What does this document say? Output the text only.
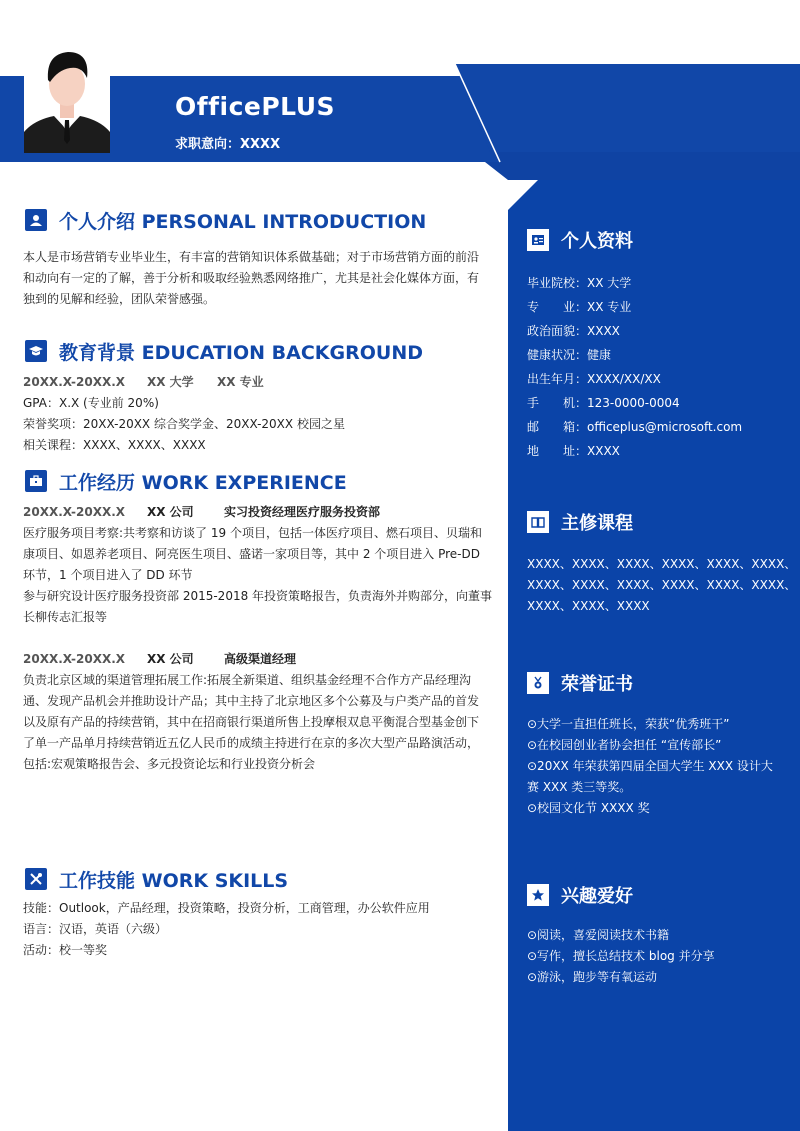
OfficePLUS
求职意向：XXXX
个人介绍 PERSONAL INTRODUCTION
本人是市场营销专业毕业生，有丰富的营销知识体系做基础；对于市场营销方面的前沿
和动向有一定的了解，善于分析和吸取经验熟悉网络推广，尤其是社会化媒体方面，有
独到的见解和经验，团队荣誉感强。
教育背景 EDUCATION BACKGROUND
20XX.X-20XX.X XX 大学 XX 专业
GPA：X.X (专业前 20%)
荣誉奖项：20XX-20XX 综合奖学金、20XX-20XX 校园之星
相关课程：XXXX、XXXX、XXXX
工作经历 WORK EXPERIENCE
20XX.X-20XX.X XX 公司	实习投资经理医疗服务投资部
医疗服务项目考察:共考察和访谈了 19 个项目，包括一体医疗项目、燃石项目、贝瑞和
康项目、如恩养老项目、阿亮医生项目、盛诺一家项目等，其中 2 个项目进入 Pre-DD
环节，1 个项目进入了 DD 环节
参与研究设计医疗服务投资部 2015-2018 年投资策略报告，负责海外并购部分，向董事
长柳传志汇报等
20XX.X-20XX.X XX 公司	高级渠道经理
负责北京区域的渠道管理拓展工作:拓展全新渠道、组织基金经理不合作方产品经理沟
通、发现产品机会并推助设计产品；其中主持了北京地区多个公募及与户类产品的首发
以及原有产品的持续营销，其中在招商银行渠道所售上投摩根双息平衡混合型基金创下
了单一产品单月持续营销近五亿人民币的成绩主持进行在京的多次大型产品路演活动，
包括:宏观策略报告会、多元投资论坛和行业投资分析会
工作技能 WORK SKILLS
技能：Outlook，产品经理，投资策略，投资分析，工商管理，办公软件应用
语言：汉语，英语（六级）
活动：校一等奖
个人资料
毕业院校：XX 大学
专　　业：XX 专业
政治面貌：XXXX
健康状况：健康
出生年月：XXXX/XX/XX
手　　机：123-0000-0004
邮　　箱：officeplus@microsoft.com
地　　址：XXXX
主修课程
XXXX、XXXX、XXXX、XXXX、XXXX、XXXX、
XXXX、XXXX、XXXX、XXXX、XXXX、XXXX、
XXXX、XXXX、XXXX
荣誉证书
⊙大学一直担任班长，荣获“优秀班干”
⊙在校园创业者协会担任 “宣传部长”
⊙20XX 年荣获第四届全国大学生 XXX 设计大
赛 XXX 类三等奖。
⊙校园文化节 XXXX 奖
兴趣爱好
⊙阅读，喜爱阅读技术书籍
⊙写作，擅长总结技术 blog 并分享
⊙游泳，跑步等有氧运动
